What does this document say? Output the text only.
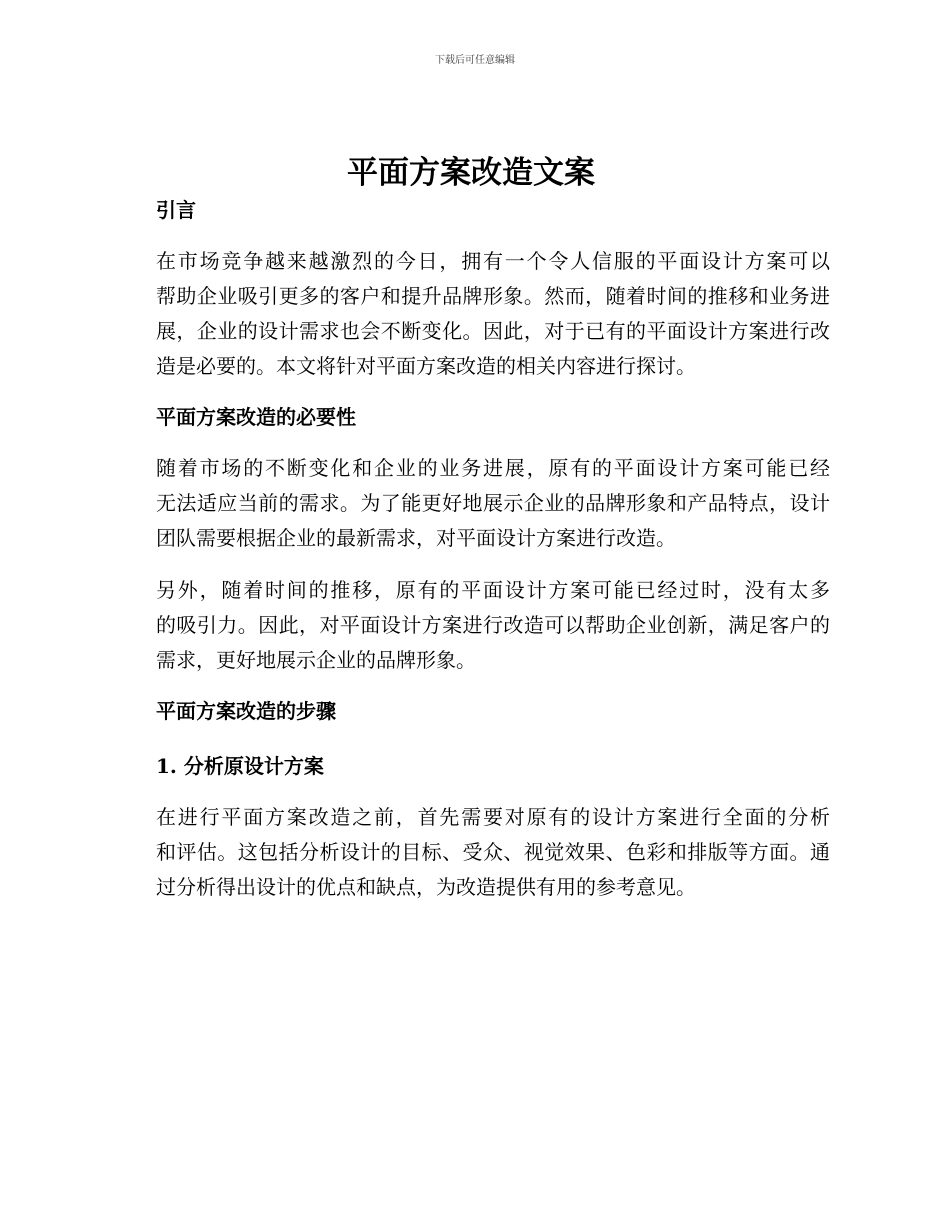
下载后可任意编辑
平面方案改造文案
引言

在市场竞争越来越激烈的今日，拥有一个令人信服的平面设计方案可以
帮助企业吸引更多的客户和提升品牌形象。然而，随着时间的推移和业务进
展，企业的设计需求也会不断变化。因此，对于已有的平面设计方案进行改
造是必要的。本文将针对平面方案改造的相关内容进行探讨。

平面方案改造的必要性

随着市场的不断变化和企业的业务进展，原有的平面设计方案可能已经
无法适应当前的需求。为了能更好地展示企业的品牌形象和产品特点，设计
团队需要根据企业的最新需求，对平面设计方案进行改造。

另外，随着时间的推移，原有的平面设计方案可能已经过时，没有太多
的吸引力。因此，对平面设计方案进行改造可以帮助企业创新，满足客户的
需求，更好地展示企业的品牌形象。

平面方案改造的步骤
1. 分析原设计方案

在进行平面方案改造之前，首先需要对原有的设计方案进行全面的分析
和评估。这包括分析设计的目标、受众、视觉效果、色彩和排版等方面。通
过分析得出设计的优点和缺点，为改造提供有用的参考意见。
